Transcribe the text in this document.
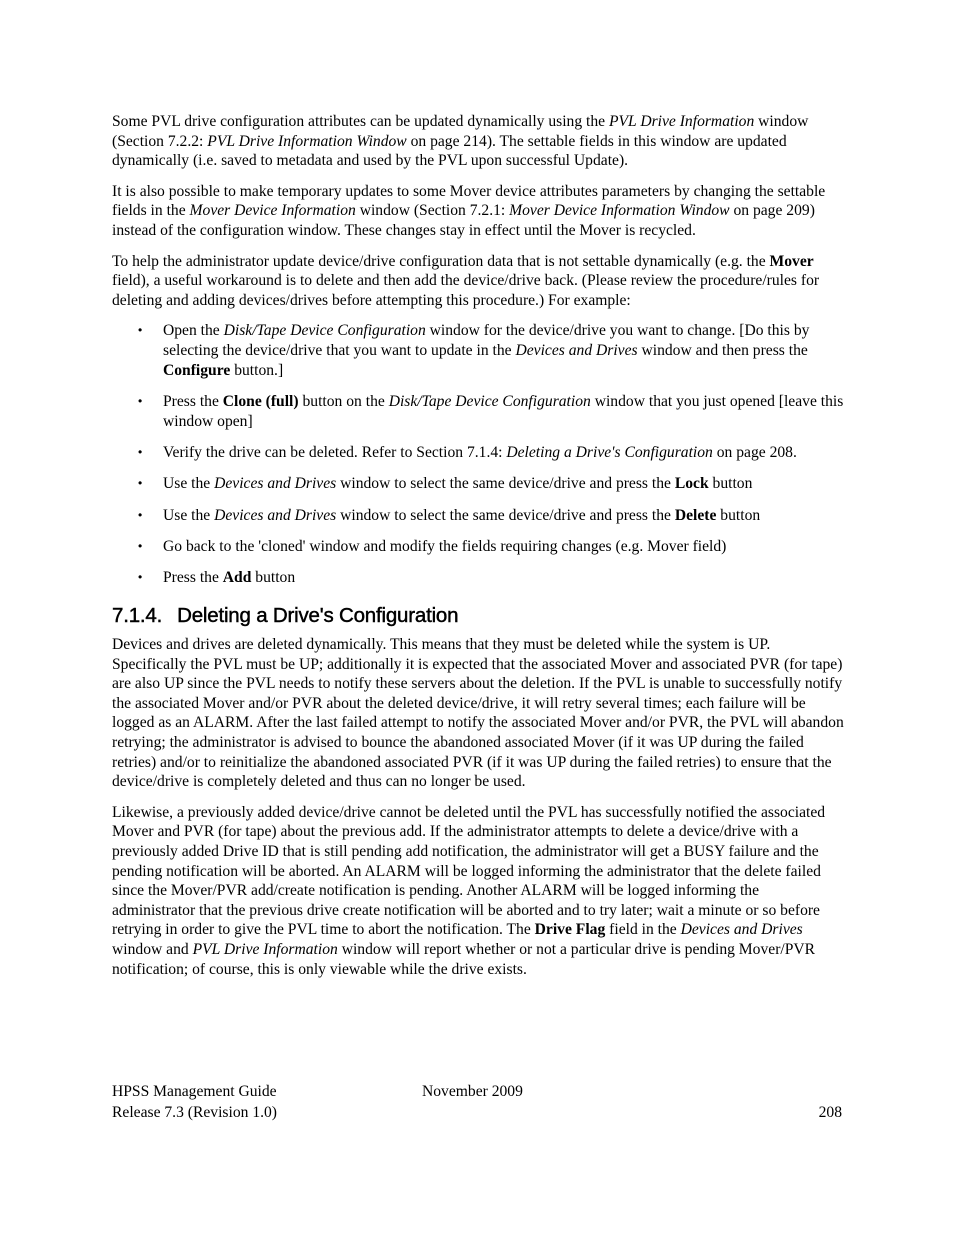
Some PVL drive configuration attributes can be updated dynamically using the PVL Drive Information window (Section 7.2.2: PVL Drive Information Window on page 214). The settable fields in this window are updated dynamically (i.e. saved to metadata and used by the PVL upon successful Update).

It is also possible to make temporary updates to some Mover device attributes parameters by changing the settable fields in the Mover Device Information window (Section 7.2.1: Mover Device Information Window on page 209) instead of the configuration window. These changes stay in effect until the Mover is recycled.

To help the administrator update device/drive configuration data that is not settable dynamically (e.g. the Mover field), a useful workaround is to delete and then add the device/drive back. (Please review the procedure/rules for deleting and adding devices/drives before attempting this procedure.) For example:

• Open the Disk/Tape Device Configuration window for the device/drive you want to change. [Do this by selecting the device/drive that you want to update in the Devices and Drives window and then press the Configure button.]
• Press the Clone (full) button on the Disk/Tape Device Configuration window that you just opened [leave this window open]
• Verify the drive can be deleted. Refer to Section 7.1.4: Deleting a Drive's Configuration on page 208.
• Use the Devices and Drives window to select the same device/drive and press the Lock button
• Use the Devices and Drives window to select the same device/drive and press the Delete button
• Go back to the 'cloned' window and modify the fields requiring changes (e.g. Mover field)
• Press the Add button
7.1.4. Deleting a Drive's Configuration

Devices and drives are deleted dynamically. This means that they must be deleted while the system is UP. Specifically the PVL must be UP; additionally it is expected that the associated Mover and associated PVR (for tape) are also UP since the PVL needs to notify these servers about the deletion. If the PVL is unable to successfully notify the associated Mover and/or PVR about the deleted device/drive, it will retry several times; each failure will be logged as an ALARM. After the last failed attempt to notify the associated Mover and/or PVR, the PVL will abandon retrying; the administrator is advised to bounce the abandoned associated Mover (if it was UP during the failed retries) and/or to reinitialize the abandoned associated PVR (if it was UP during the failed retries) to ensure that the device/drive is completely deleted and thus can no longer be used.

Likewise, a previously added device/drive cannot be deleted until the PVL has successfully notified the associated Mover and PVR (for tape) about the previous add. If the administrator attempts to delete a device/drive with a previously added Drive ID that is still pending add notification, the administrator will get a BUSY failure and the pending notification will be aborted. An ALARM will be logged informing the administrator that the delete failed since the Mover/PVR add/create notification is pending. Another ALARM will be logged informing the administrator that the previous drive create notification will be aborted and to try later; wait a minute or so before retrying in order to give the PVL time to abort the notification. The Drive Flag field in the Devices and Drives window and PVL Drive Information window will report whether or not a particular drive is pending Mover/PVR notification; of course, this is only viewable while the drive exists.

HPSS Management Guide	November 2009
Release 7.3 (Revision 1.0)	208
